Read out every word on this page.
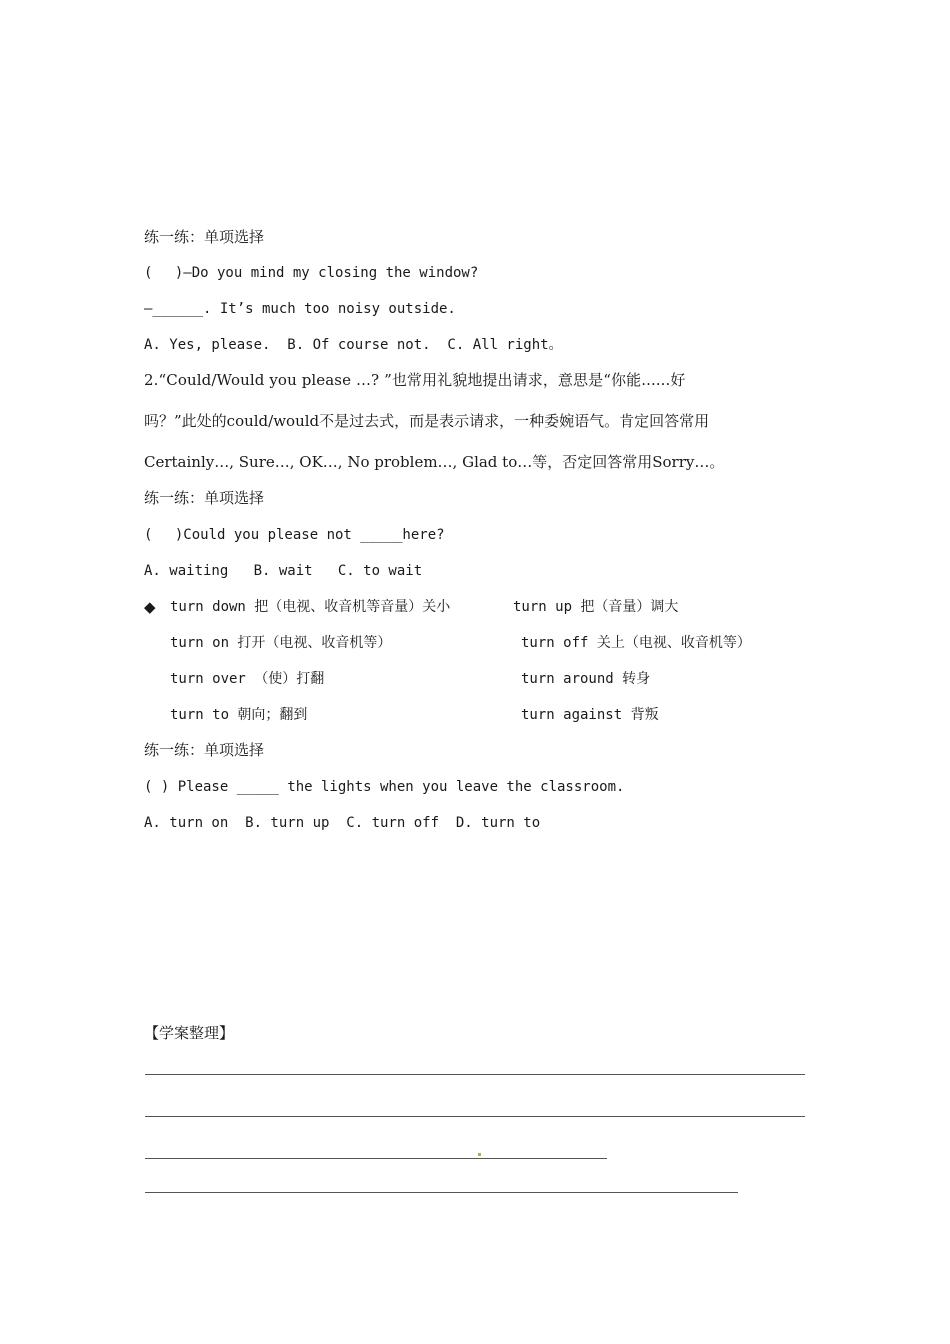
练一练：单项选择
(　 )—Do you mind my closing the window?
—______. It’s much too noisy outside.
A. Yes, please.  B. Of course not.  C. All right。
2.“Could/Would you please …? ”也常用礼貌地提出请求，意思是“你能......好
吗？”此处的could/would不是过去式，而是表示请求，一种委婉语气。肯定回答常用
Certainly…, Sure…, OK…, No problem…, Glad to…等，否定回答常用Sorry…。
练一练：单项选择
(　 )Could you please not _____here?
A. waiting   B. wait   C. to wait
◆ turn down 把（电视、收音机等音量）关小	turn up 把（音量）调大
turn on 打开（电视、收音机等）	turn off 关上（电视、收音机等）
turn over （使）打翻	turn around 转身
turn to 朝向；翻到	turn against 背叛
练一练：单项选择
( ) Please _____ the lights when you leave the classroom.
A. turn on  B. turn up  C. turn off  D. turn to
【学案整理】
